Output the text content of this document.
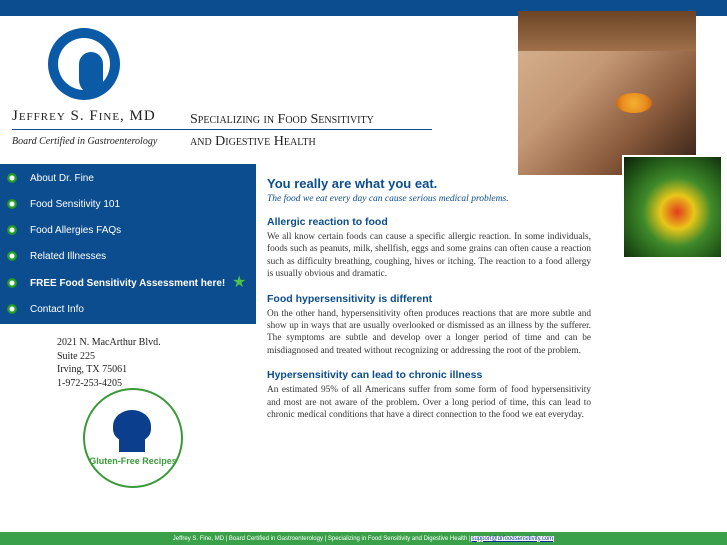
Jeffrey S. Fine, MD
Board Certified in Gastroenterology
Specializing in Food Sensitivity
and Digestive Health
About Dr. Fine
Food Sensitivity 101
Food Allergies FAQs
Related Illnesses
FREE Food Sensitivity Assessment here! ★
Contact Info
2021 N. MacArthur Blvd.
Suite 225
Irving, TX 75061
1-972-253-4205
Gluten-Free Recipes
You really are what you eat.

The food we eat every day can cause serious medical problems.

Allergic reaction to food

We all know certain foods can cause a specific allergic reaction. In some individuals, foods such as peanuts, milk, shellfish, eggs and some grains can often cause a reaction such as difficulty breathing, coughing, hives or itching. The reaction to a food allergy is usually obvious and dramatic.

Food hypersensitivity is different

On the other hand, hypersensitivity often produces reactions that are more subtle and show up in ways that are usually overlooked or dismissed as an illness by the sufferer. The symptoms are subtle and develop over a longer period of time and can be misdiagnosed and treated without recognizing or addressing the root of the problem.

Hypersensitivity can lead to chronic illness

An estimated 95% of all Americans suffer from some form of food hypersensitivity and most are not aware of the problem. Over a long period of time, this can lead to chronic medical conditions that have a direct connection to the food we eat everyday.

Jeffrey S. Fine, MD | Board Certified in Gastroenterology | Specializing in Food Sensitivity and Digestive Health | support@drfoodsensitivity.com
